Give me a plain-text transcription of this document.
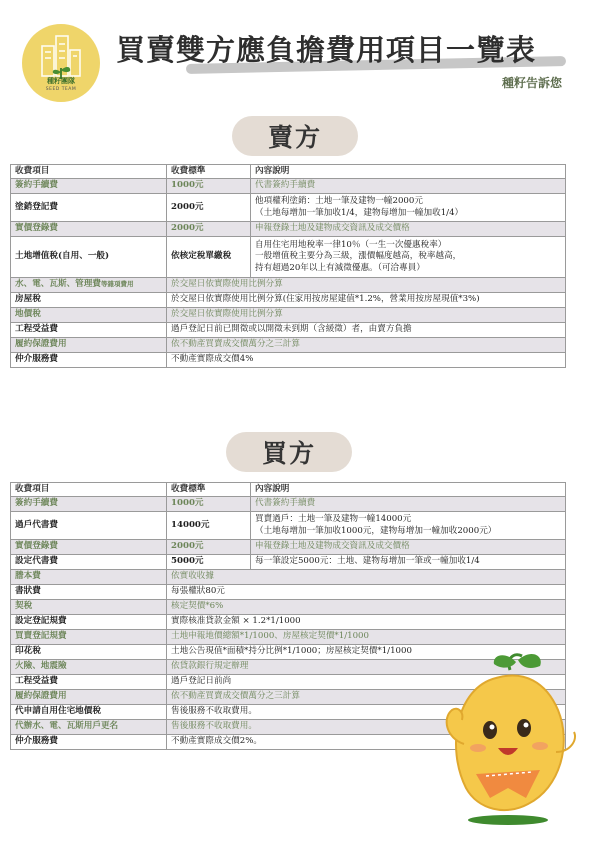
種籽團隊
SEED TEAM
買賣雙方應負擔費用項目一覽表
種籽告訴您
賣方
收費項目	收費標準	內容說明
簽約手續費	1000元	代書簽約手續費

塗銷登記費	2000元	他項權利塗銷：土地一筆及建物一幢2000元
（土地每增加一筆加收1/4，建物每增加一幢加收1/4）

實價登錄費	2000元	申報登錄土地及建物成交資訊及成交價格

土地增值稅(自用、一般)	依核定稅單繳稅	自用住宅用地稅率一律10％（一生一次優惠稅率）
一般增值稅主要分為三級，漲價幅度越高，稅率越高，
持有超過20年以上有減徵優惠。（可洽專員）

水、電、瓦斯、管理費等雜項費用	於交屋日依實際使用比例分算	

房屋稅	於交屋日依實際使用比例分算(住家用按房屋建值*1.2%，營業用按房屋現值*3%)	

地價稅	於交屋日依實際使用比例分算	

工程受益費	過戶登記日前已開徵或以開徵未到期（含緩徵）者，由賣方負擔	

履約保證費用	依不動產買賣成交價萬分之三計算	

仲介服務費	不動產實際成交價4%	
買方
收費項目	收費標準	內容說明
簽約手續費	1000元	代書簽約手續費

過戶代書費	14000元	買賣過戶：土地一筆及建物一幢14000元
（土地每增加一筆加收1000元，建物每增加一幢加收2000元）

實價登錄費	2000元	申報登錄土地及建物成交資訊及成交價格

設定代書費	5000元	每一筆設定5000元：土地、建物每增加一筆或一幢加收1/4

謄本費	依實收收據	

書狀費	每張權狀80元	

契稅	核定契價*6%	

設定登記規費	實際核准貸款金額 × 1.2*1/1000	

買賣登記規費	土地申報地價總額*1/1000、房屋核定契價*1/1000	

印花稅	土地公告現值*面積*持分比例*1/1000；房屋核定契價*1/1000	

火險、地震險	依貸款銀行規定辦理	

工程受益費	過戶登記日前尚	

履約保證費用	依不動產買賣成交價萬分之三計算	

代申請自用住宅地價稅	售後服務不收取費用。	

代辦水、電、瓦斯用戶更名	售後服務不收取費用。	

仲介服務費	不動產實際成交價2%。	
